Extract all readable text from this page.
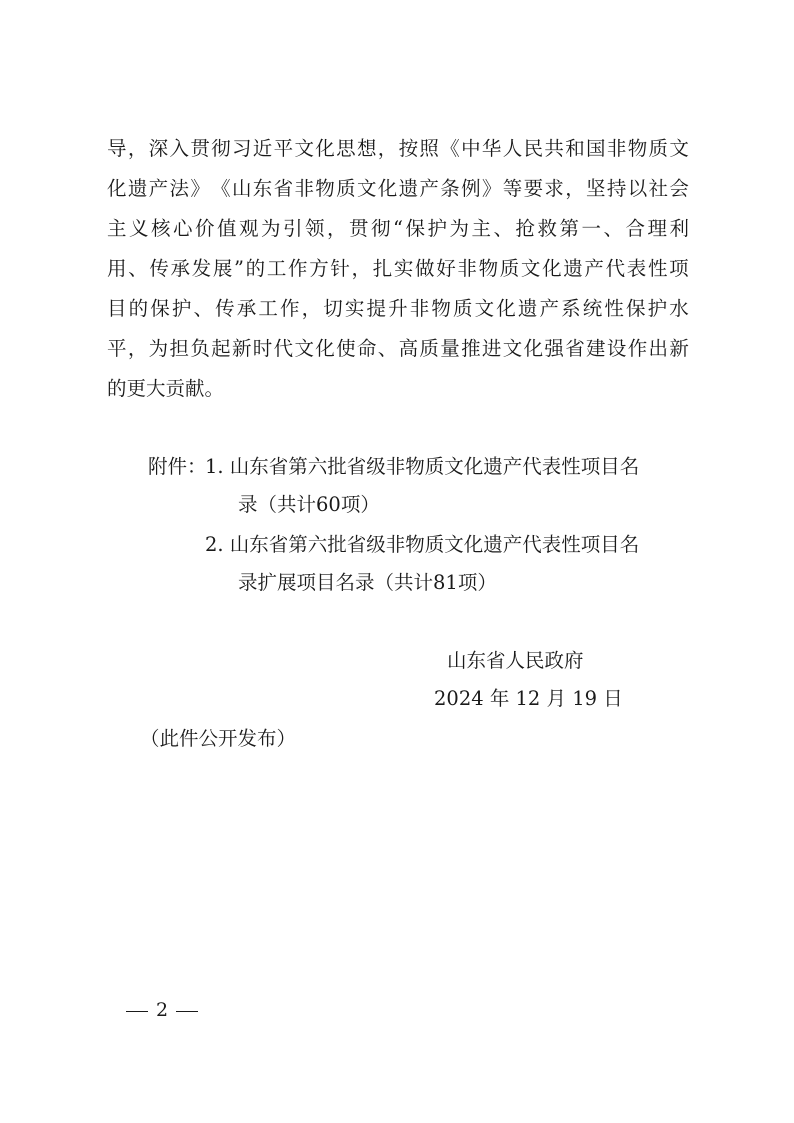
导 ， 深 入 贯 彻 习 近 平 文 化 思 想 ， 按 照 《 中 华 人 民 共 和 国 非 物 质 文
化 遗 产 法 》 《 山 东 省 非 物 质 文 化 遗 产 条 例 》 等 要 求 ， 坚 持 以 社 会
主 义 核 心 价 值 观 为 引 领 ， 贯 彻 “ 保 护 为 主 、 抢 救 第 一 、 合 理 利
用 、 传 承 发 展 ” 的 工 作 方 针 ， 扎 实 做 好 非 物 质 文 化 遗 产 代 表 性 项
目 的 保 护 、 传 承 工 作 ， 切 实 提 升 非 物 质 文 化 遗 产 系 统 性 保 护 水
平 ， 为 担 负 起 新 时 代 文 化 使 命 、 高 质 量 推 进 文 化 强 省 建 设 作 出 新
的更大贡献。
附件：
1. 山东省第六批省级非物质文化遗产代表性项目名
录（共计60项）
2. 山东省第六批省级非物质文化遗产代表性项目名
录扩展项目名录（共计81项）
山东省人民政府
2024 年 12 月 19 日
（此件公开发布）
2
